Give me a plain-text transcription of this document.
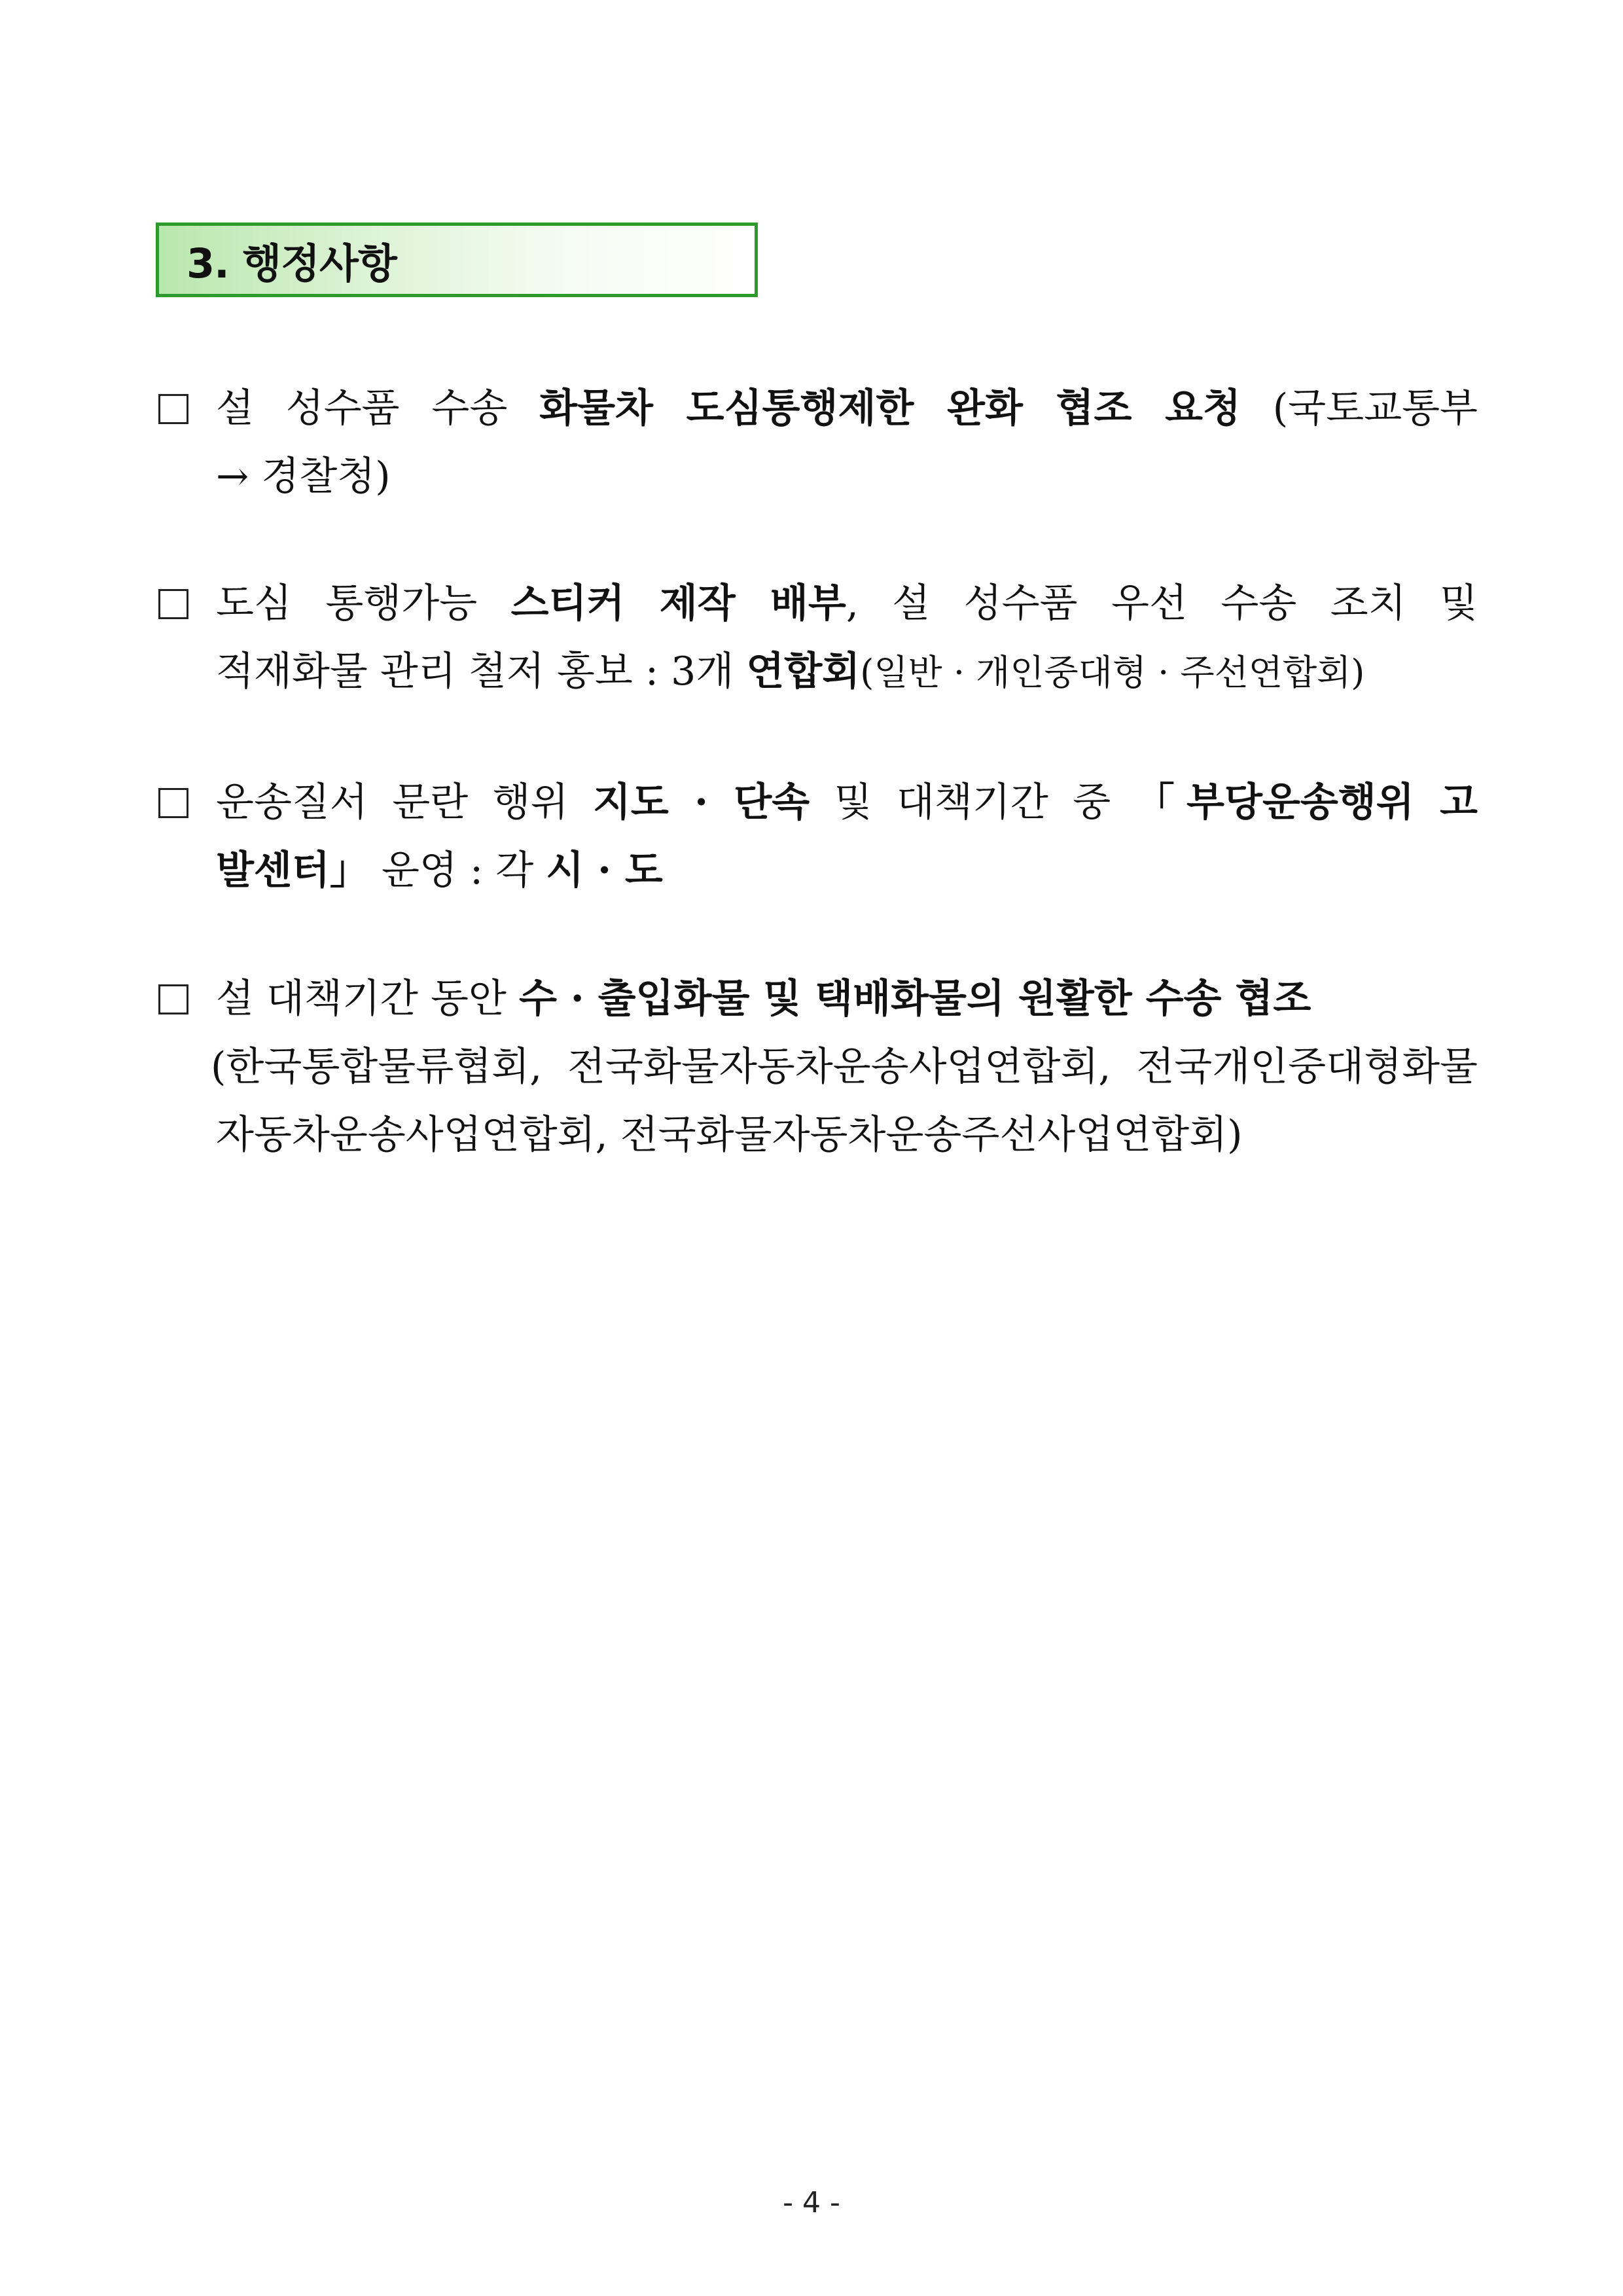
3. 행정사항
설 성수품 수송 화물차 도심통행제한 완화 협조 요청 (국토교통부
→ 경찰청)
도심 통행가능 스티커 제작 배부, 설 성수품 우선 수송 조치 및
적재화물 관리 철저 홍보 : 3개 연합회(일반 · 개인중대형 · 주선연합회)
운송질서 문란 행위 지도 · 단속 및 대책기간 중 「부당운송행위 고
발센터」 운영 : 각 시 · 도
설 대책기간 동안 수 · 출입화물 및 택배화물의 원활한 수송 협조
(한국통합물류협회, 전국화물자동차운송사업연합회, 전국개인중대형화물
자동차운송사업연합회, 전국화물자동차운송주선사업연합회)
- 4 -
